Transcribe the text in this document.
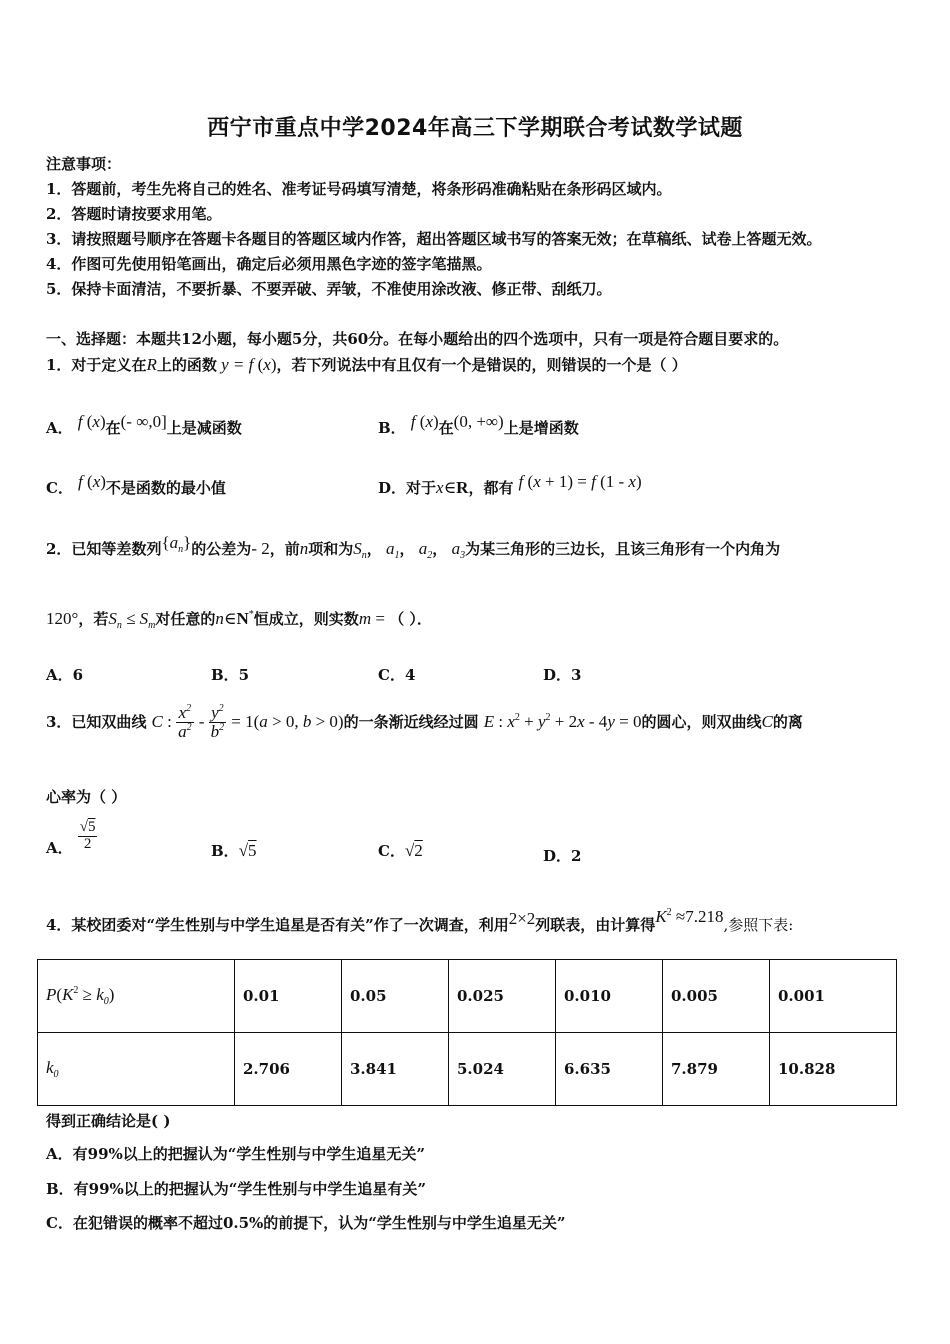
西宁市重点中学2024年高三下学期联合考试数学试题
注意事项：
1．答题前，考生先将自己的姓名、准考证号码填写清楚，将条形码准确粘贴在条形码区域内。
2．答题时请按要求用笔。
3．请按照题号顺序在答题卡各题目的答题区域内作答，超出答题区域书写的答案无效；在草稿纸、试卷上答题无效。
4．作图可先使用铅笔画出，确定后必须用黑色字迹的签字笔描黑。
5．保持卡面清洁，不要折暴、不要弄破、弄皱，不准使用涂改液、修正带、刮纸刀。
一、选择题：本题共12小题，每小题5分，共60分。在每小题给出的四个选项中，只有一项是符合题目要求的。
1．对于定义在R上的函数 y = f (x)，若下列说法中有且仅有一个是错误的，则错误的一个是（ ）
A． f (x)在(- ∞,0]上是减函数	B． f (x)在(0, +∞)上是增函数
C． f (x)不是函数的最小值	D．对于x∈R，都有 f (x + 1) = f (1 - x)
2．已知等差数列$\{a_n\}$的公差为- 2，前n项和为$S_n$， $a_1$， $a_2$， $a_3$为某三角形的三边长，且该三角形有一个内角为
120°，若$S_n \le S_m$对任意的n∈N*恒成立，则实数m = （ ）．
A．6	B．5	C．4	D．3
3．已知双曲线 C : $\frac{x^2}{a^2} - \frac{y^2}{b^2} = 1(a > 0$, b > 0)的一条渐近线经过圆 E : $x^2 + y^2 + 2x - 4y = 0$的圆心，则双曲线C的离
心率为（ ）
A． $\frac{√5}{2}$	B．√5	C．√2	D．2
4．某校团委对“学生性别与中学生追星是否有关”作了一次调查，利用2×2列联表，由计算得$K^2 \approx 7.218$,参照下表:
$P(K^2 \ge k_0)$	0.01	0.05	0.025	0.010	0.005	0.001
$k_0$	2.706	3.841	5.024	6.635	7.879	10.828
得到正确结论是( )
A．有99%以上的把握认为“学生性别与中学生追星无关”
B．有99%以上的把握认为“学生性别与中学生追星有关”
C．在犯错误的概率不超过0.5%的前提下，认为“学生性别与中学生追星无关”
